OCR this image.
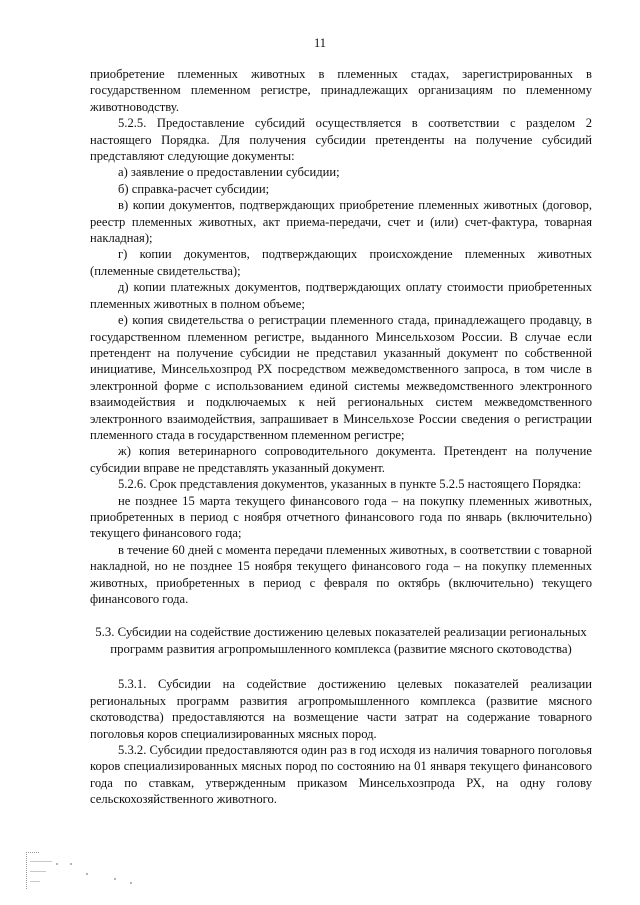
11

приобретение племенных животных в племенных стадах, зарегистрированных в государственном племенном регистре, принадлежащих организациям по племенному животноводству.

5.2.5. Предоставление субсидий осуществляется в соответствии с разделом 2 настоящего Порядка. Для получения субсидии претенденты на получение субсидий представляют следующие документы:

а) заявление о предоставлении субсидии;

б) справка-расчет субсидии;

в) копии документов, подтверждающих приобретение племенных животных (договор, реестр племенных животных, акт приема-передачи, счет и (или) счет-фактура, товарная накладная);

г) копии документов, подтверждающих происхождение племенных животных (племенные свидетельства);

д) копии платежных документов, подтверждающих оплату стоимости приобретенных племенных животных в полном объеме;

е) копия свидетельства о регистрации племенного стада, принадлежащего продавцу, в государственном племенном регистре, выданного Минсельхозом России. В случае если претендент на получение субсидии не представил указанный документ по собственной инициативе, Минсельхозпрод РХ посредством межведомственного запроса, в том числе в электронной форме с использованием единой системы межведомственного электронного взаимодействия и подключаемых к ней региональных систем межведомственного электронного взаимодействия, запрашивает в Минсельхозе России сведения о регистрации племенного стада в государственном племенном регистре;

ж) копия ветеринарного сопроводительного документа. Претендент на получение субсидии вправе не представлять указанный документ.

5.2.6. Срок представления документов, указанных в пункте 5.2.5 настоящего Порядка:

не позднее 15 марта текущего финансового года – на покупку племенных животных, приобретенных в период с ноября отчетного финансового года по январь (включительно) текущего финансового года;

в течение 60 дней с момента передачи племенных животных, в соответствии с товарной накладной, но не позднее 15 ноября текущего финансового года – на покупку племенных животных, приобретенных в период с февраля по октябрь (включительно) текущего финансового года.

5.3. Субсидии на содействие достижению целевых показателей реализации региональных программ развития агропромышленного комплекса (развитие мясного скотоводства)

5.3.1. Субсидии на содействие достижению целевых показателей реализации региональных программ развития агропромышленного комплекса (развитие мясного скотоводства) предоставляются на возмещение части затрат на содержание товарного поголовья коров специализированных мясных пород.

5.3.2. Субсидии предоставляются один раз в год исходя из наличия товарного поголовья коров специализированных мясных пород по состоянию на 01 января текущего финансового года по ставкам, утвержденным приказом Минсельхозпрода РХ, на одну голову сельскохозяйственного животного.
